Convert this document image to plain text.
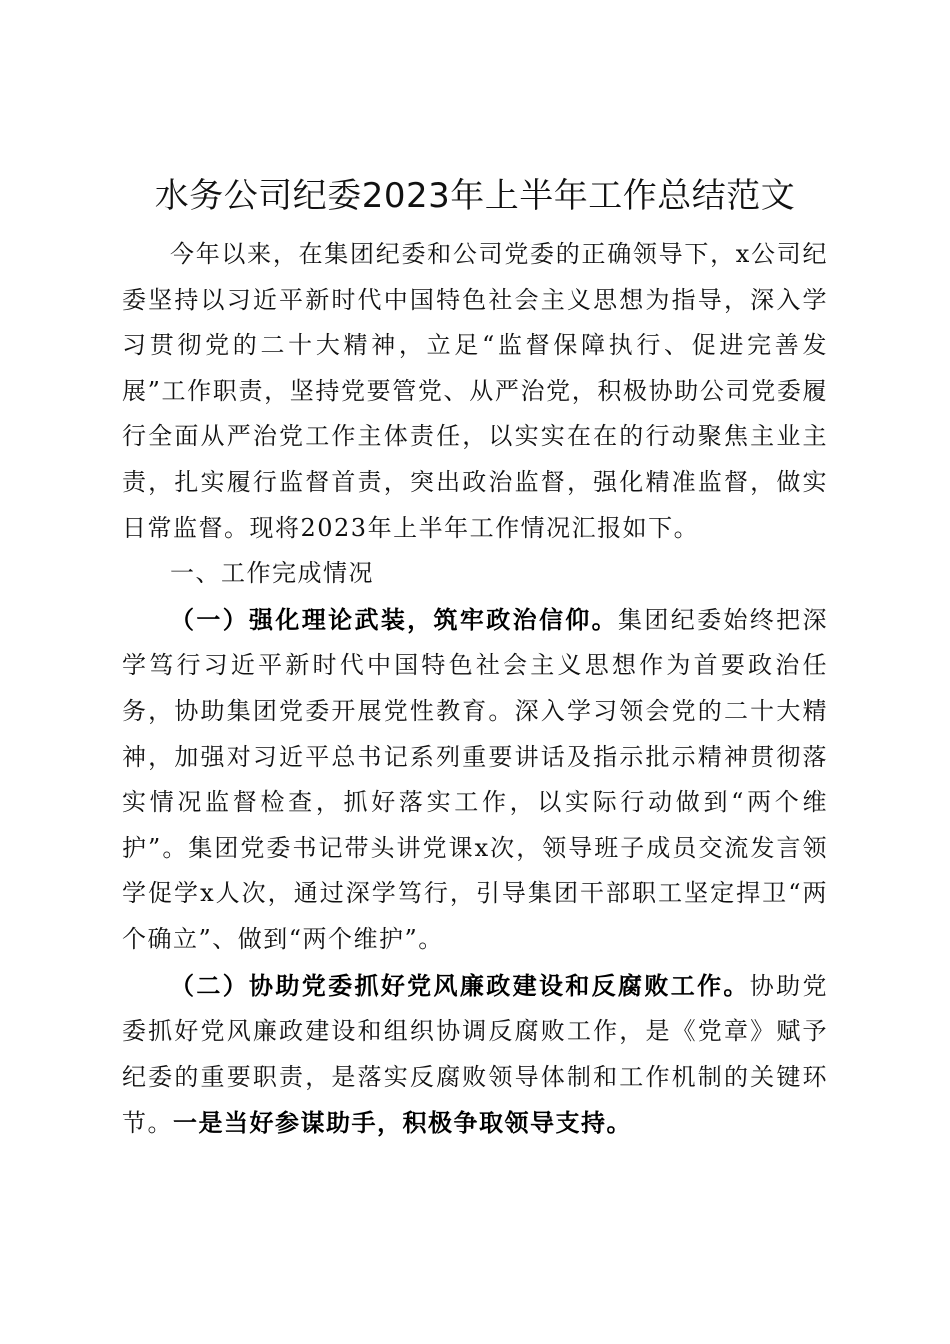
水务公司纪委2023年上半年工作总结范文

今年以来，在集团纪委和公司党委的正确领导下，x公司纪委坚持以习近平新时代中国特色社会主义思想为指导，深入学习贯彻党的二十大精神，立足“监督保障执行、促进完善发展”工作职责，坚持党要管党、从严治党，积极协助公司党委履行全面从严治党工作主体责任，以实实在在的行动聚焦主业主责，扎实履行监督首责，突出政治监督，强化精准监督，做实日常监督。现将2023年上半年工作情况汇报如下。

一、工作完成情况

（一）强化理论武装，筑牢政治信仰。集团纪委始终把深学笃行习近平新时代中国特色社会主义思想作为首要政治任务，协助集团党委开展党性教育。深入学习领会党的二十大精神，加强对习近平总书记系列重要讲话及指示批示精神贯彻落实情况监督检查，抓好落实工作，以实际行动做到“两个维护”。集团党委书记带头讲党课x次，领导班子成员交流发言领学促学x人次，通过深学笃行，引导集团干部职工坚定捍卫“两个确立”、做到“两个维护”。

（二）协助党委抓好党风廉政建设和反腐败工作。协助党委抓好党风廉政建设和组织协调反腐败工作，是《党章》赋予纪委的重要职责，是落实反腐败领导体制和工作机制的关键环节。一是当好参谋助手，积极争取领导支持。
